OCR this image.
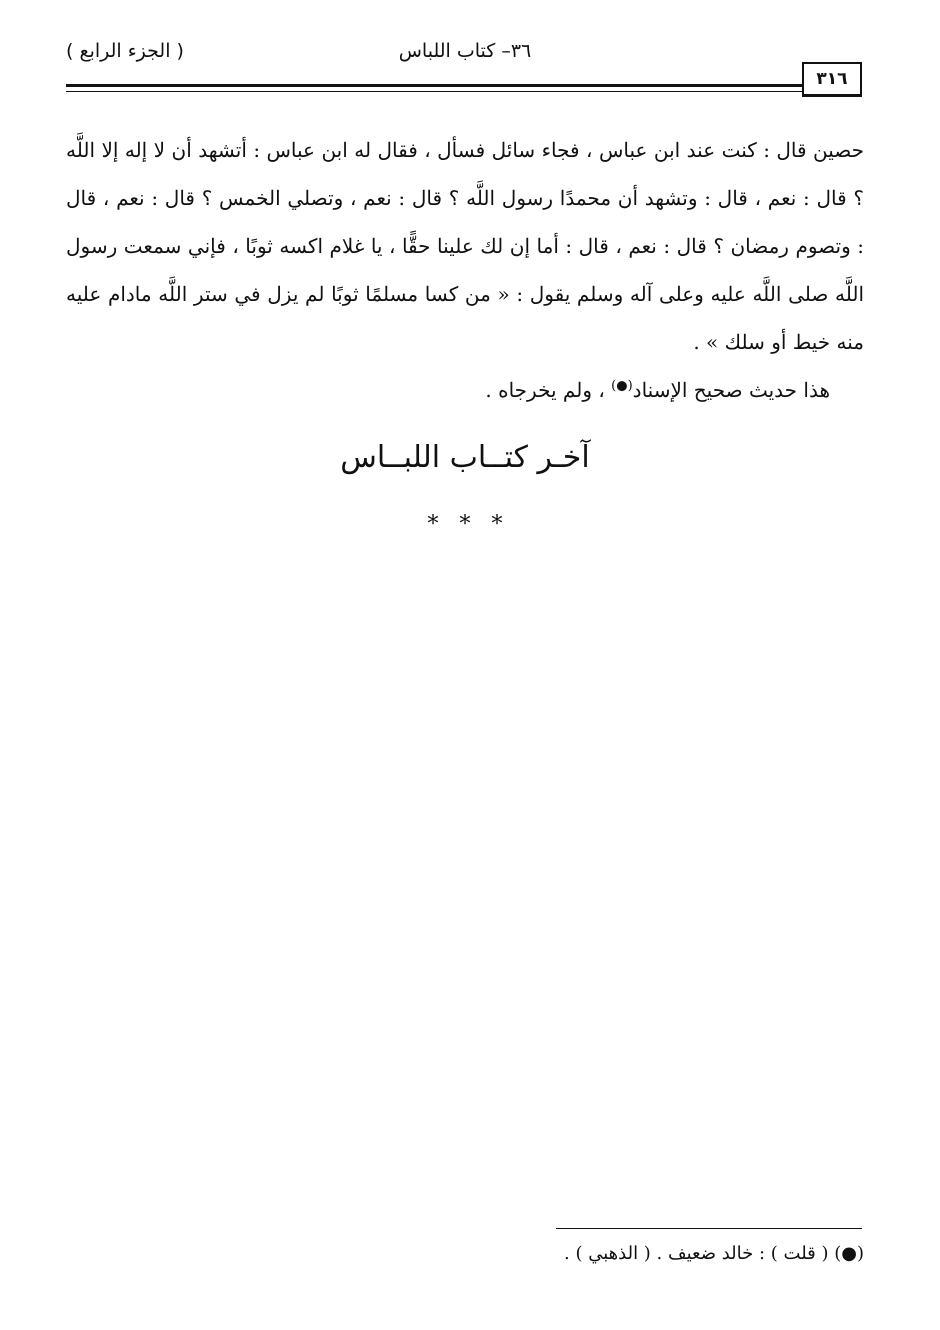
( الجزء الرابع )	٣٦– كتاب اللباس
٣١٦

حصين قال : كنت عند ابن عباس ، فجاء سائل فسأل ، فقال له ابن عباس : أتشهد أن لا إله إلا اللَّه ؟ قال : نعم ، قال : وتشهد أن محمدًا رسول اللَّه ؟ قال : نعم ، وتصلي الخمس ؟ قال : نعم ، قال : وتصوم رمضان ؟ قال : نعم ، قال : أما إن لك علينا حقًّا ، يا غلام اكسه ثوبًا ، فإني سمعت رسول اللَّه صلى اللَّه عليه وعلى آله وسلم يقول : « من كسا مسلمًا ثوبًا لم يزل في ستر اللَّه مادام عليه منه خيط أو سلك » .

هذا حديث صحيح الإسناد(●) ، ولم يخرجاه .

آخـر كتــاب اللبــاس
* * *
(●) ( قلت ) : خالد ضعيف . ( الذهبي ) .
